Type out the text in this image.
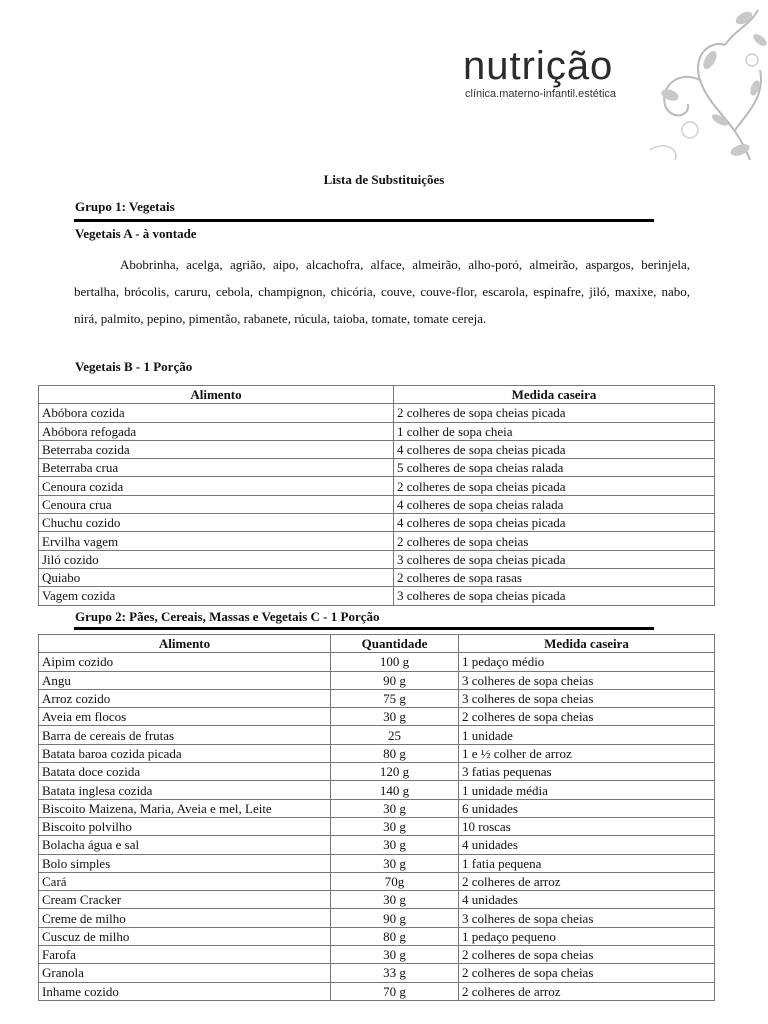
nutrição
clínica.materno-infantil.estética
Lista de Substituições
Grupo 1: Vegetais
Vegetais A - à vontade

Abobrinha, acelga, agrião, aipo, alcachofra, alface, almeirão, alho-poró, almeirão, aspargos, berinjela, bertalha, brócolis, caruru, cebola, champignon, chicória, couve, couve-flor, escarola, espinafre, jiló, maxixe, nabo, nirá, palmito, pepino, pimentão, rabanete, rúcula, taioba, tomate, tomate cereja.

Vegetais B - 1 Porção
Alimento	Medida caseira
Abóbora cozida	2 colheres de sopa cheias picada
Abóbora refogada	1 colher de sopa cheia
Beterraba cozida	4 colheres de sopa cheias picada
Beterraba crua	5 colheres de sopa cheias ralada
Cenoura cozida	2 colheres de sopa cheias picada
Cenoura crua	4 colheres de sopa cheias ralada
Chuchu cozido	4 colheres de sopa cheias picada
Ervilha vagem	2 colheres de sopa cheias
Jiló cozido	3 colheres de sopa cheias picada
Quiabo	2 colheres de sopa rasas
Vagem cozida	3 colheres de sopa cheias picada
Grupo 2: Pães, Cereais, Massas e Vegetais C - 1 Porção
Alimento	Quantidade	Medida caseira
Aipim cozido	100 g	1 pedaço médio
Angu	90 g	3 colheres de sopa cheias
Arroz cozido	75 g	3 colheres de sopa cheias
Aveia em flocos	30 g	2 colheres de sopa cheias
Barra de cereais de frutas	25	1 unidade
Batata baroa cozida picada	80 g	1 e ½ colher de arroz
Batata doce cozida	120 g	3 fatias pequenas
Batata inglesa cozida	140 g	1 unidade média
Biscoito Maizena, Maria, Aveia e mel, Leite	30 g	6 unidades
Biscoito polvilho	30 g	10 roscas
Bolacha água e sal	30 g	4 unidades
Bolo simples	30 g	1 fatia pequena
Cará	70g	2 colheres de arroz
Cream Cracker	30 g	4 unidades
Creme de milho	90 g	3 colheres de sopa cheias
Cuscuz de milho	80 g	1 pedaço pequeno
Farofa	30 g	2 colheres de sopa cheias
Granola	33 g	2 colheres de sopa cheias
Inhame cozido	70 g	2 colheres de arroz
